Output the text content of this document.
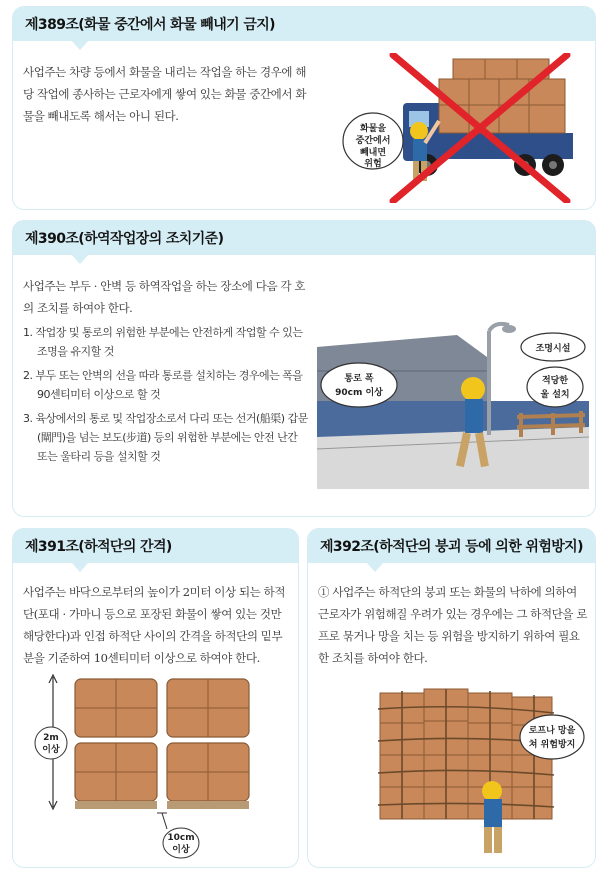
제389조(화물 중간에서 화물 빼내기 금지)

사업주는 차량 등에서 화물을 내리는 작업을 하는 경우에 해당 작업에 종사하는 근로자에게 쌓여 있는 화물 중간에서 화물을 빼내도록 해서는 아니 된다.

화물을
중간에서
빼내면
위험
제390조(하역작업장의 조치기준)

사업주는 부두 · 안벽 등 하역작업을 하는 장소에 다음 각 호의 조치를 하여야 한다.

1. 작업장 및 통로의 위험한 부분에는 안전하게 작업할 수 있는 조명을 유지할 것
2. 부두 또는 안벽의 선을 따라 통로를 설치하는 경우에는 폭을 90센티미터 이상으로 할 것
3. 육상에서의 통로 및 작업장소로서 다리 또는 선거(船渠) 갑문(閘門)을 넘는 보도(步道) 등의 위험한 부분에는 안전 난간 또는 울타리 등을 설치할 것
통로 폭
90cm 이상
조명시설
적당한
울 설치
제391조(하적단의 간격)

사업주는 바닥으로부터의 높이가 2미터 이상 되는 하적단(포대 · 가마니 등으로 포장된 화물이 쌓여 있는 것만 해당한다)과 인접 하적단 사이의 간격을 하적단의 밑부분을 기준하여 10센티미터 이상으로 하여야 한다.

2m
이상
10cm
이상
제392조(하적단의 붕괴 등에 의한 위험방지)

① 사업주는 하적단의 붕괴 또는 화물의 낙하에 의하여 근로자가 위험해질 우려가 있는 경우에는 그 하적단을 로프로 묶거나 망을 치는 등 위험을 방지하기 위하여 필요한 조치를 하여야 한다.

로프나 망을
쳐 위험방지
